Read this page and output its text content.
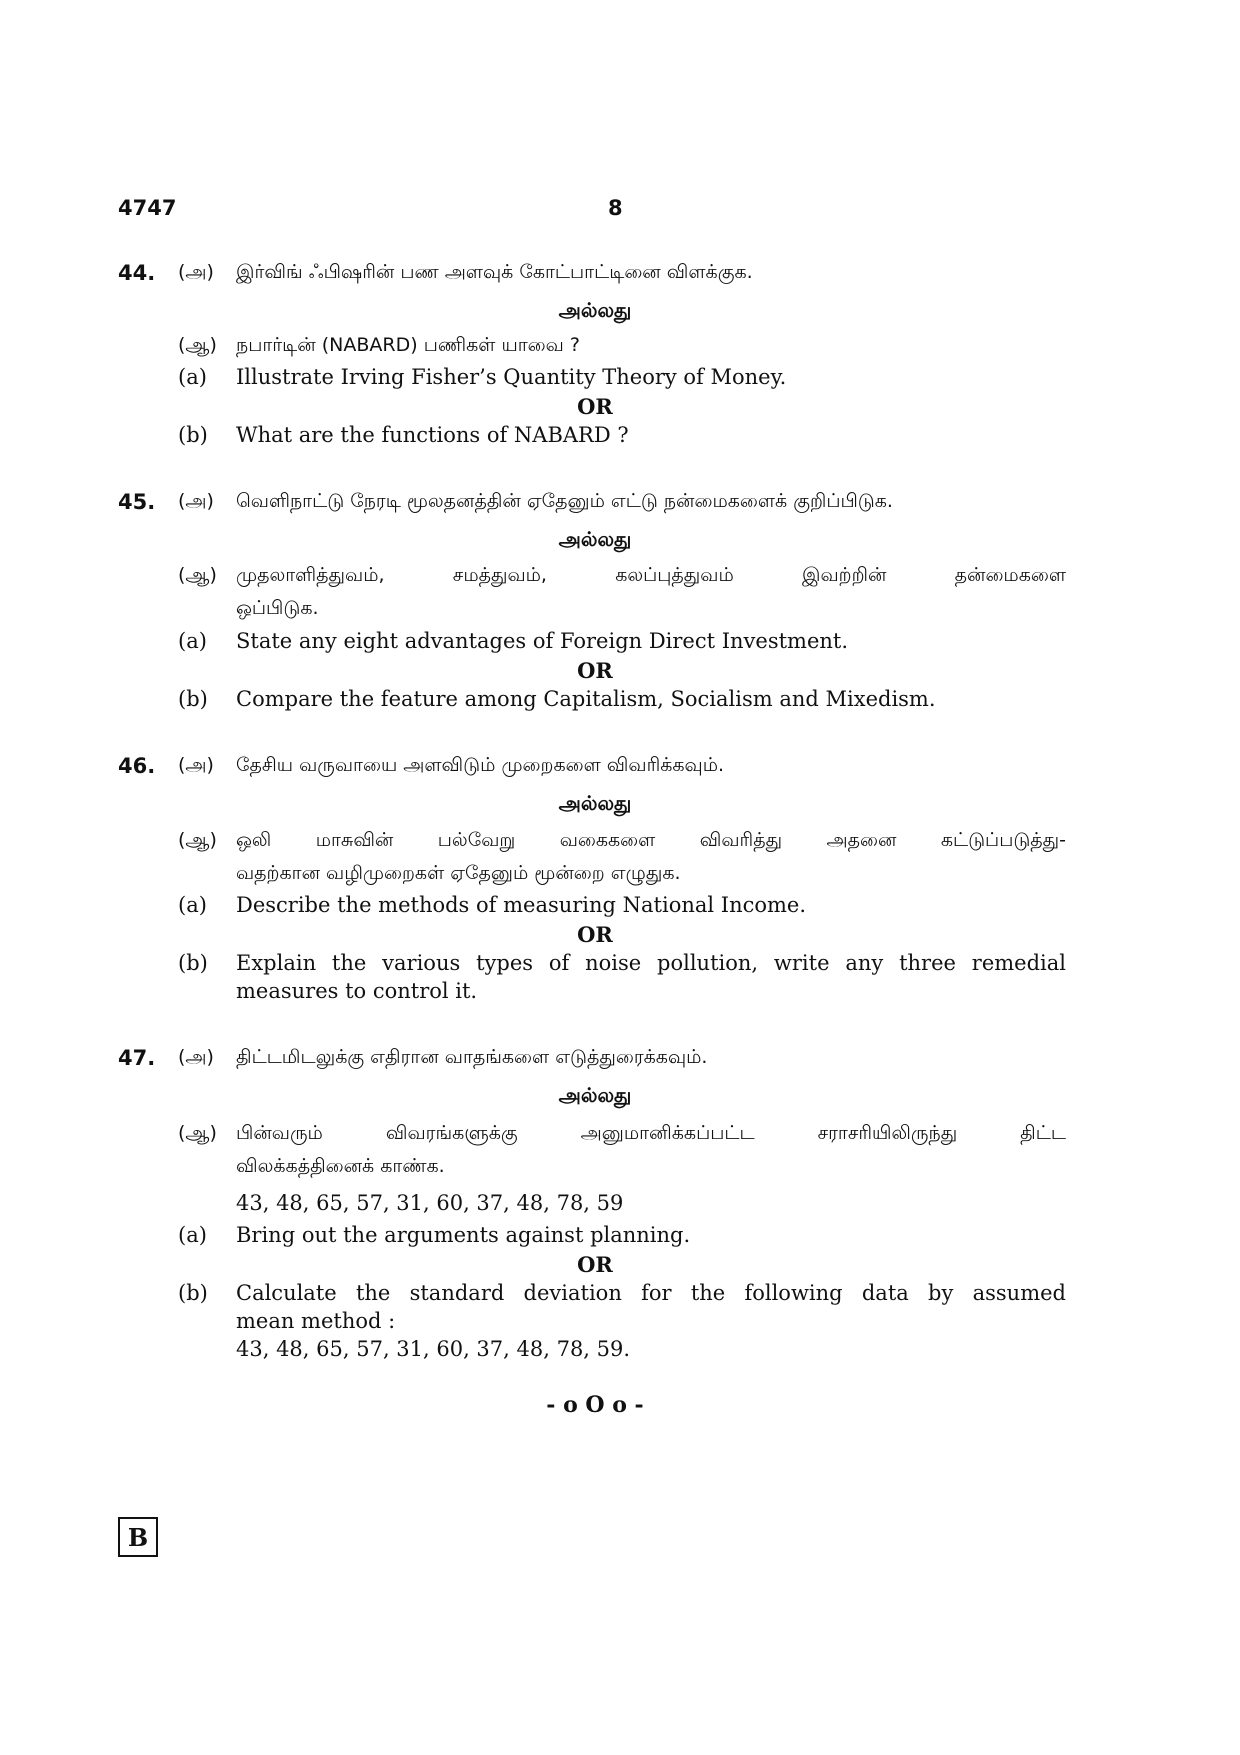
4747	8
44. (அ) இர்விங் ஃபிஷரின் பண அளவுக் கோட்பாட்டினை விளக்குக.
அல்லது
(ஆ) நபார்டின் (NABARD) பணிகள் யாவை ?
(a) Illustrate Irving Fisher’s Quantity Theory of Money.
OR
(b) What are the functions of NABARD ?
45. (அ) வெளிநாட்டு நேரடி மூலதனத்தின் ஏதேனும் எட்டு நன்மைகளைக் குறிப்பிடுக.
அல்லது
(ஆ) முதலாளித்துவம், சமத்துவம், கலப்புத்துவம் இவற்றின் தன்மைகளை
ஒப்பிடுக.
(a) State any eight advantages of Foreign Direct Investment.
OR
(b) Compare the feature among Capitalism, Socialism and Mixedism.
46. (அ) தேசிய வருவாயை அளவிடும் முறைகளை விவரிக்கவும்.
அல்லது
(ஆ) ஒலி மாசுவின் பல்வேறு வகைகளை விவரித்து அதனை கட்டுப்படுத்து-
வதற்கான வழிமுறைகள் ஏதேனும் மூன்றை எழுதுக.
(a) Describe the methods of measuring National Income.
OR
(b) Explain the various types of noise pollution, write any three remedial
measures to control it.
47. (அ) திட்டமிடலுக்கு எதிரான வாதங்களை எடுத்துரைக்கவும்.
அல்லது
(ஆ) பின்வரும் விவரங்களுக்கு அனுமானிக்கப்பட்ட சராசரியிலிருந்து திட்ட
விலக்கத்தினைக் காண்க.
43, 48, 65, 57, 31, 60, 37, 48, 78, 59
(a) Bring out the arguments against planning.
OR
(b) Calculate the standard deviation for the following data by assumed
mean method :
43, 48, 65, 57, 31, 60, 37, 48, 78, 59.
- o O o -
B
